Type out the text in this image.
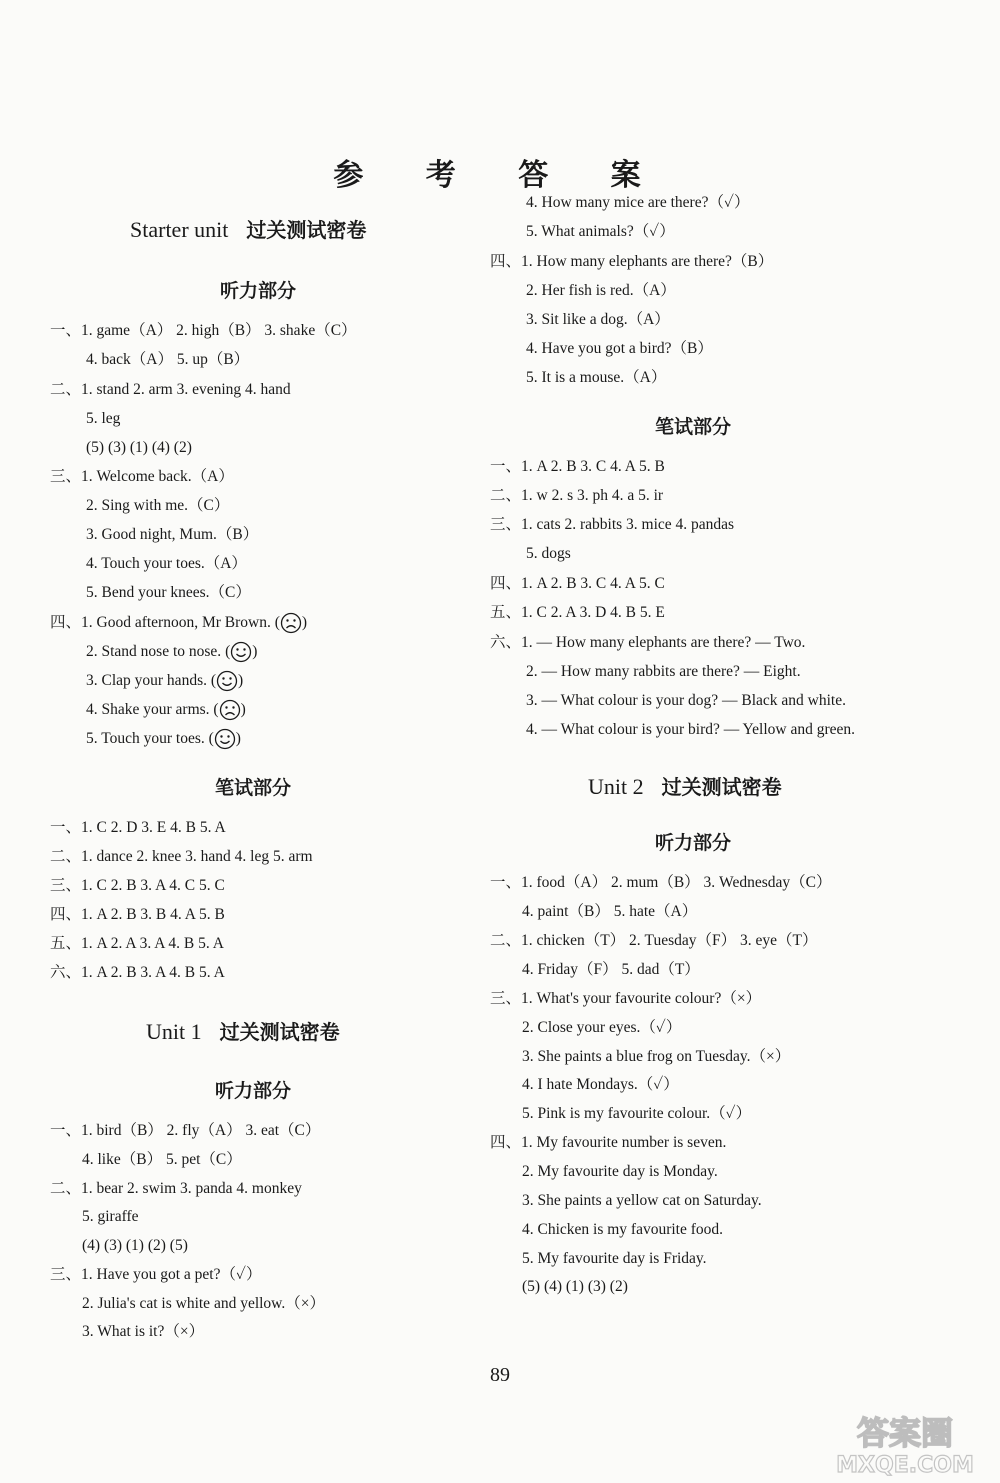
参 考 答 案
Starter unit 过关测试密卷
听力部分
一、1. game（A） 2. high（B） 3. shake（C）
4. back（A） 5. up（B）
二、1. stand 2. arm 3. evening 4. hand
5. leg
(5) (3) (1) (4) (2)
三、1. Welcome back.（A）
2. Sing with me.（C）
3. Good night, Mum.（B）
4. Touch your toes.（A）
5. Bend your knees.（C）
四、1. Good afternoon, Mr Brown. ( )
2. Stand nose to nose. ( )
3. Clap your hands. ( )
4. Shake your arms. ( )
5. Touch your toes. ( )
笔试部分
一、1. C 2. D 3. E 4. B 5. A
二、1. dance 2. knee 3. hand 4. leg 5. arm
三、1. C 2. B 3. A 4. C 5. C
四、1. A 2. B 3. B 4. A 5. B
五、1. A 2. A 3. A 4. B 5. A
六、1. A 2. B 3. A 4. B 5. A
Unit 1 过关测试密卷
听力部分
一、1. bird（B） 2. fly（A） 3. eat（C）
4. like（B） 5. pet（C）
二、1. bear 2. swim 3. panda 4. monkey
5. giraffe
(4) (3) (1) (2) (5)
三、1. Have you got a pet?（✓）
2. Julia's cat is white and yellow.（×）
3. What is it?（×）
4. How many mice are there?（✓）
5. What animals?（✓）
四、1. How many elephants are there?（B）
2. Her fish is red.（A）
3. Sit like a dog.（A）
4. Have you got a bird?（B）
5. It is a mouse.（A）
笔试部分
一、1. A 2. B 3. C 4. A 5. B
二、1. w 2. s 3. ph 4. a 5. ir
三、1. cats 2. rabbits 3. mice 4. pandas
5. dogs
四、1. A 2. B 3. C 4. A 5. C
五、1. C 2. A 3. D 4. B 5. E
六、1. — How many elephants are there? — Two.
2. — How many rabbits are there? — Eight.
3. — What colour is your dog? — Black and white.
4. — What colour is your bird? — Yellow and green.
Unit 2 过关测试密卷
听力部分
一、1. food（A） 2. mum（B） 3. Wednesday（C）
4. paint（B） 5. hate（A）
二、1. chicken（T） 2. Tuesday（F） 3. eye（T）
4. Friday（F） 5. dad（T）
三、1. What's your favourite colour?（×）
2. Close your eyes.（✓）
3. She paints a blue frog on Tuesday.（×）
4. I hate Mondays.（✓）
5. Pink is my favourite colour.（✓）
四、1. My favourite number is seven.
2. My favourite day is Monday.
3. She paints a yellow cat on Saturday.
4. Chicken is my favourite food.
5. My favourite day is Friday.
(5) (4) (1) (3) (2)
89
答案圈
MXQE.COM
